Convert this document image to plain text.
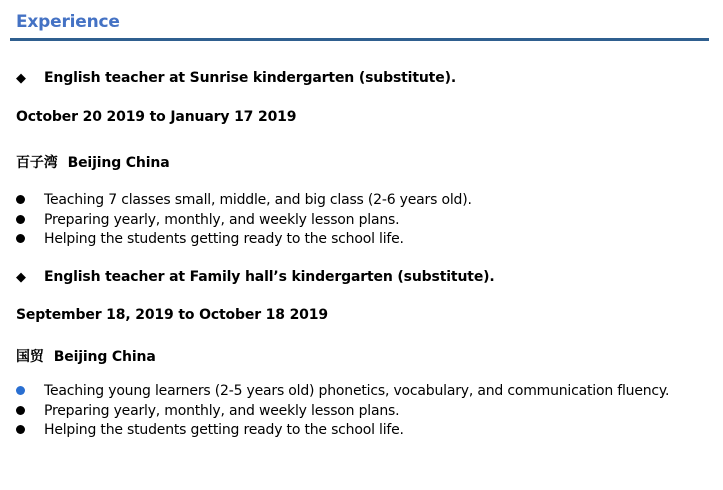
Experience
◆ English teacher at Sunrise kindergarten (substitute).
October 20 2019 to January 17 2019
百子湾 Beijing China
Teaching 7 classes small, middle, and big class (2-6 years old).
Preparing yearly, monthly, and weekly lesson plans.
Helping the students getting ready to the school life.
◆ English teacher at Family hall’s kindergarten (substitute).
September 18, 2019 to October 18 2019
国贸 Beijing China
Teaching young learners (2-5 years old) phonetics, vocabulary, and communication fluency.
Preparing yearly, monthly, and weekly lesson plans.
Helping the students getting ready to the school life.
